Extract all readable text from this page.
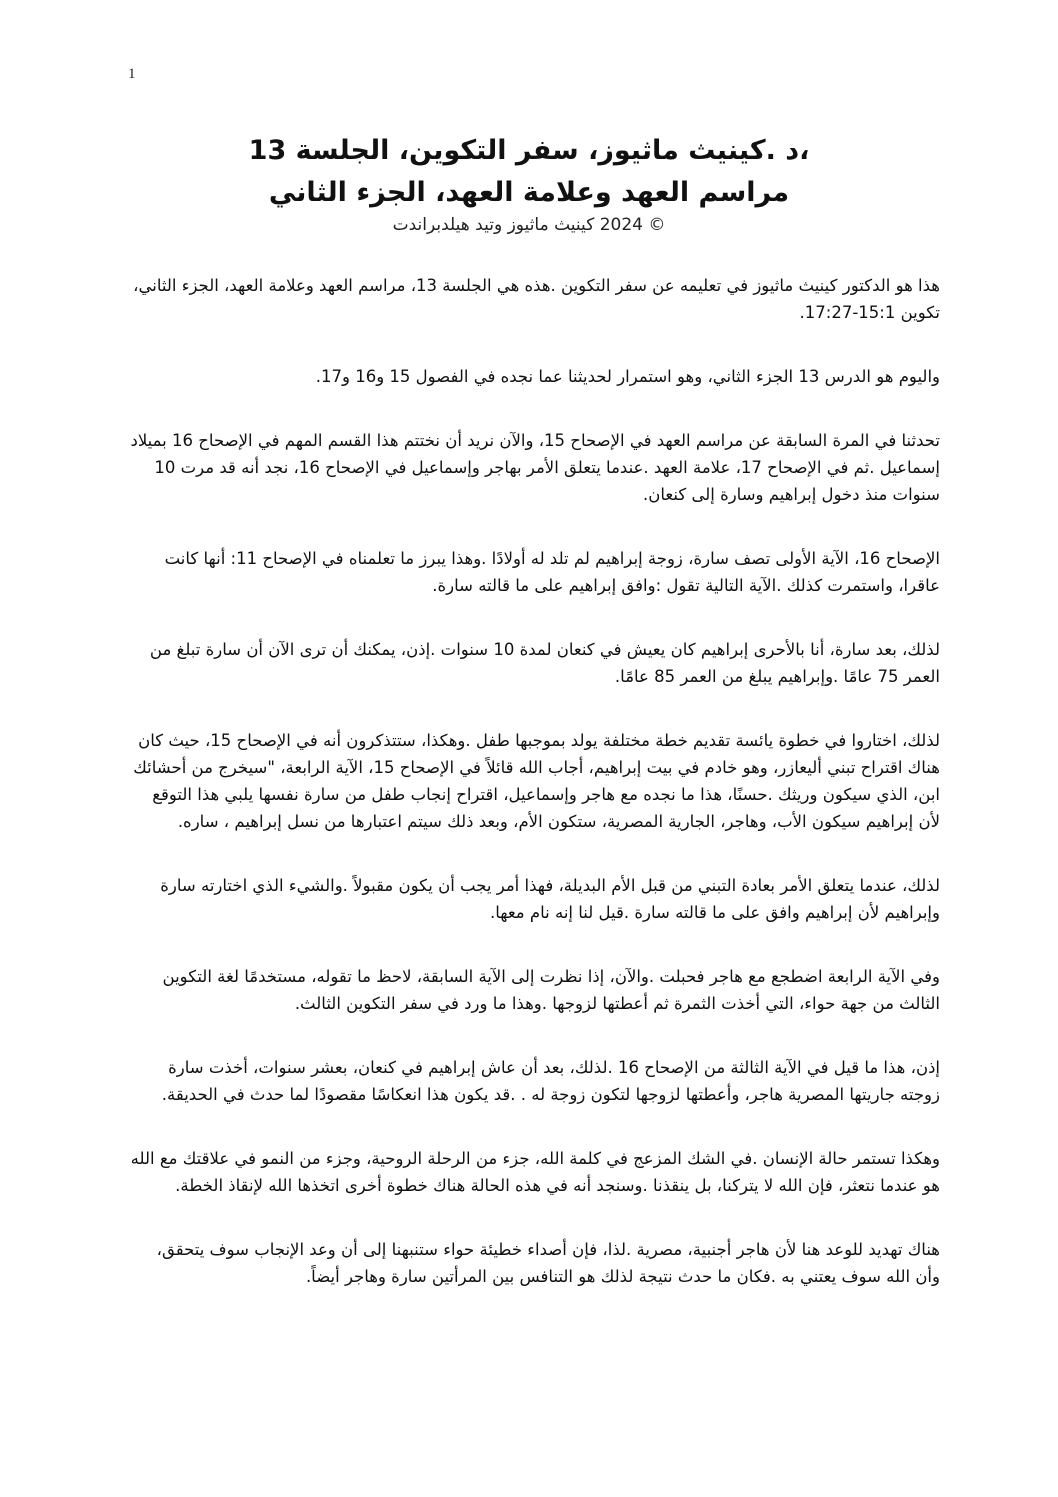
1

،د .كينيث ماثيوز، سفر التكوين، الجلسة 13

مراسم العهد وعلامة العهد، الجزء الثاني

© 2024 كينيث ماثيوز وتيد هيلدبراندت

هذا هو الدكتور كينيث ماثيوز في تعليمه عن سفر التكوين .هذه هي الجلسة 13، مراسم العهد وعلامة العهد، الجزء الثاني، تكوين 15:1-17:27.

واليوم هو الدرس 13 الجزء الثاني، وهو استمرار لحديثنا عما نجده في الفصول 15 و16 و17.

تحدثنا في المرة السابقة عن مراسم العهد في الإصحاح 15، والآن نريد أن نختتم هذا القسم المهم في الإصحاح 16 بميلاد إسماعيل .ثم في الإصحاح 17، علامة العهد .عندما يتعلق الأمر بهاجر وإسماعيل في الإصحاح 16، نجد أنه قد مرت 10 سنوات منذ دخول إبراهيم وسارة إلى كنعان.

الإصحاح 16، الآية الأولى تصف سارة، زوجة إبراهيم لم تلد له أولادًا .وهذا يبرز ما تعلمناه في الإصحاح 11: أنها كانت عاقرا، واستمرت كذلك .الآية التالية تقول :وافق إبراهيم على ما قالته سارة.

لذلك، بعد سارة، أنا بالأحرى إبراهيم كان يعيش في كنعان لمدة 10 سنوات .إذن، يمكنك أن ترى الآن أن سارة تبلغ من العمر 75 عامًا .وإبراهيم يبلغ من العمر 85 عامًا.

لذلك، اختاروا في خطوة يائسة تقديم خطة مختلفة يولد بموجبها طفل .وهكذا، ستتذكرون أنه في الإصحاح 15، حيث كان هناك اقتراح تبني أليعازر، وهو خادم في بيت إبراهيم، أجاب الله قائلاً في الإصحاح 15، الآية الرابعة، "سيخرج من أحشائك ابن، الذي سيكون وريثك .حسنًا، هذا ما نجده مع هاجر وإسماعيل، اقتراح إنجاب طفل من سارة نفسها يلبي هذا التوقع لأن إبراهيم سيكون الأب، وهاجر، الجارية المصرية، ستكون الأم، وبعد ذلك سيتم اعتبارها من نسل إبراهيم ، ساره.

لذلك، عندما يتعلق الأمر بعادة التبني من قبل الأم البديلة، فهذا أمر يجب أن يكون مقبولاً .والشيء الذي اختارته سارة وإبراهيم لأن إبراهيم وافق على ما قالته سارة .قيل لنا إنه نام معها.

وفي الآية الرابعة اضطجع مع هاجر فحبلت .والآن، إذا نظرت إلى الآية السابقة، لاحظ ما تقوله، مستخدمًا لغة التكوين الثالث من جهة حواء، التي أخذت الثمرة ثم أعطتها لزوجها .وهذا ما ورد في سفر التكوين الثالث.

إذن، هذا ما قيل في الآية الثالثة من الإصحاح 16 .لذلك، بعد أن عاش إبراهيم في كنعان، بعشر سنوات، أخذت سارة زوجته جاريتها المصرية هاجر، وأعطتها لزوجها لتكون زوجة له . .قد يكون هذا انعكاسًا مقصودًا لما حدث في الحديقة.

وهكذا تستمر حالة الإنسان .في الشك المزعج في كلمة الله، جزء من الرحلة الروحية، وجزء من النمو في علاقتك مع الله هو عندما نتعثر، فإن الله لا يتركنا، بل ينقذنا .وسنجد أنه في هذه الحالة هناك خطوة أخرى اتخذها الله لإنقاذ الخطة.

هناك تهديد للوعد هنا لأن هاجر أجنبية، مصرية .لذا، فإن أصداء خطيئة حواء ستنبهنا إلى أن وعد الإنجاب سوف يتحقق، وأن الله سوف يعتني به .فكان ما حدث نتيجة لذلك هو التنافس بين المرأتين سارة وهاجر أيضاً.
